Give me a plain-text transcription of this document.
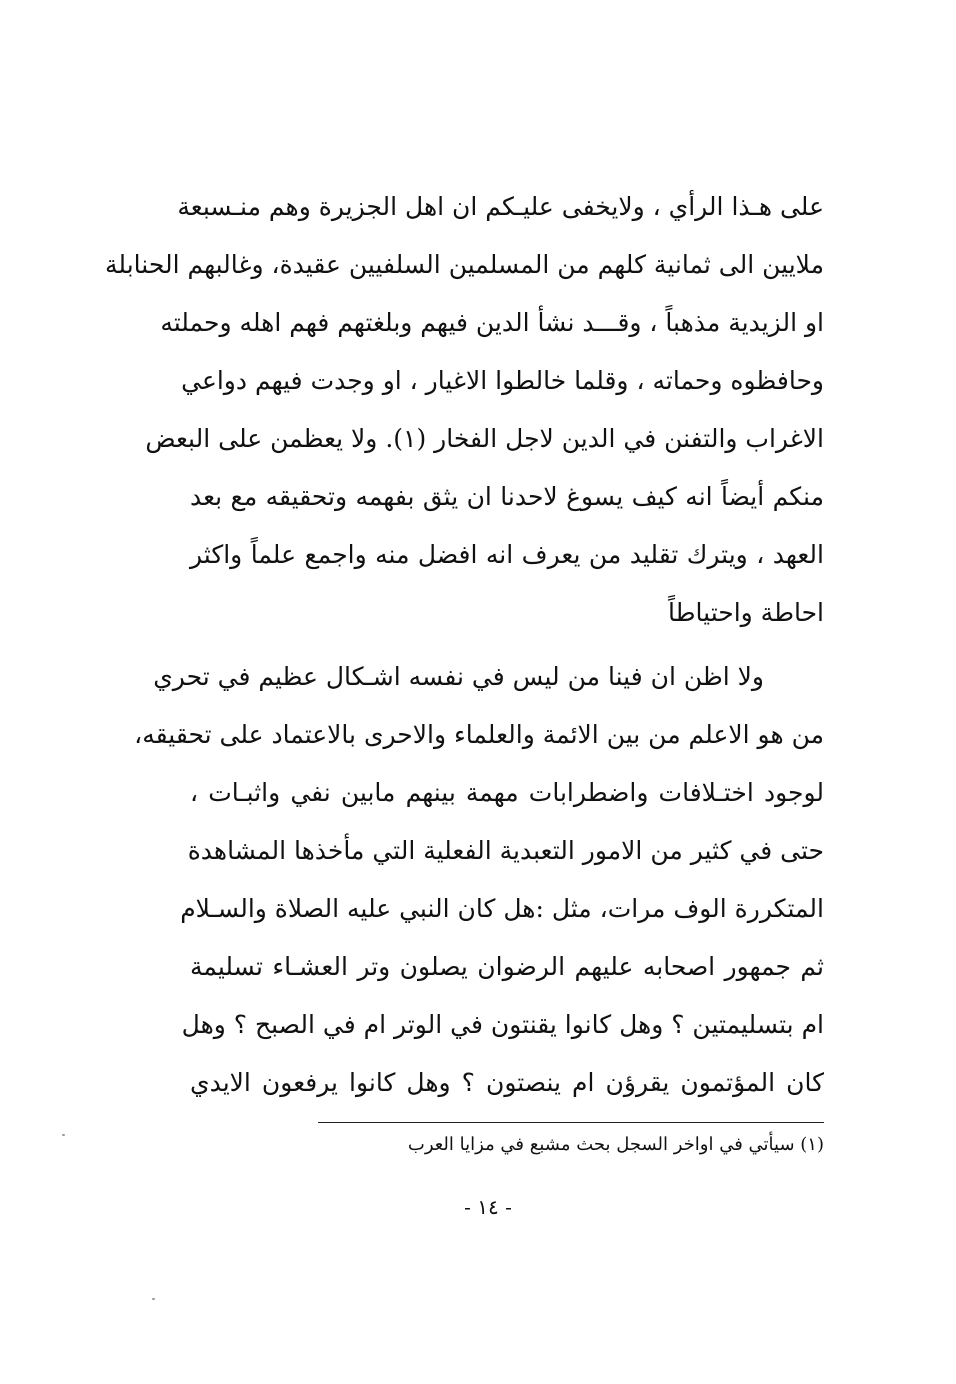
على هـذا الرأي ، ولايخفى عليـكم ان اهل الجزيرة وهم منـسبعة
ملايين الى ثمانية كلهم من المسلمين السلفيين عقيدة، وغالبهم الحنابلة
او الزيدية مذهباً ، وقـــد نشأ الدين فيهم وبلغتهم فهم اهله وحملته
وحافظوه وحماته ، وقلما خالطوا الاغيار ، او وجدت فيهم دواعي
الاغراب والتفنن في الدين لاجل الفخار (١). ولا يعظمن على البعض
منكم أيضاً انه كيف يسوغ لاحدنا ان يثق بفهمه وتحقيقه مع بعد
العهد ، ويترك تقليد من يعرف انه افضل منه واجمع علماً واكثر
احاطة واحتياطاً
ولا اظن ان فينا من ليس في نفسه اشـكال عظيم في تحري
من هو الاعلم من بين الائمة والعلماء والاحرى بالاعتماد على تحقيقه،
لوجود اختـلافات واضطرابات مهمة بينهم مابين نفي واثبـات ،
حتى في كثير من الامور التعبدية الفعلية التي مأخذها المشاهدة
المتكررة الوف مرات، مثل :هل كان النبي عليه الصلاة والسـلام
ثم جمهور اصحابه عليهم الرضوان يصلون وتر العشـاء تسليمة
ام بتسليمتين ؟ وهل كانوا يقنتون في الوتر ام في الصبح ؟ وهل
كان المؤتمون يقرؤن ام ينصتون ؟ وهل كانوا يرفعون الايدي
(١) سيأتي في اواخر السجل بحث مشبع في مزايا العرب
- ١٤ -
